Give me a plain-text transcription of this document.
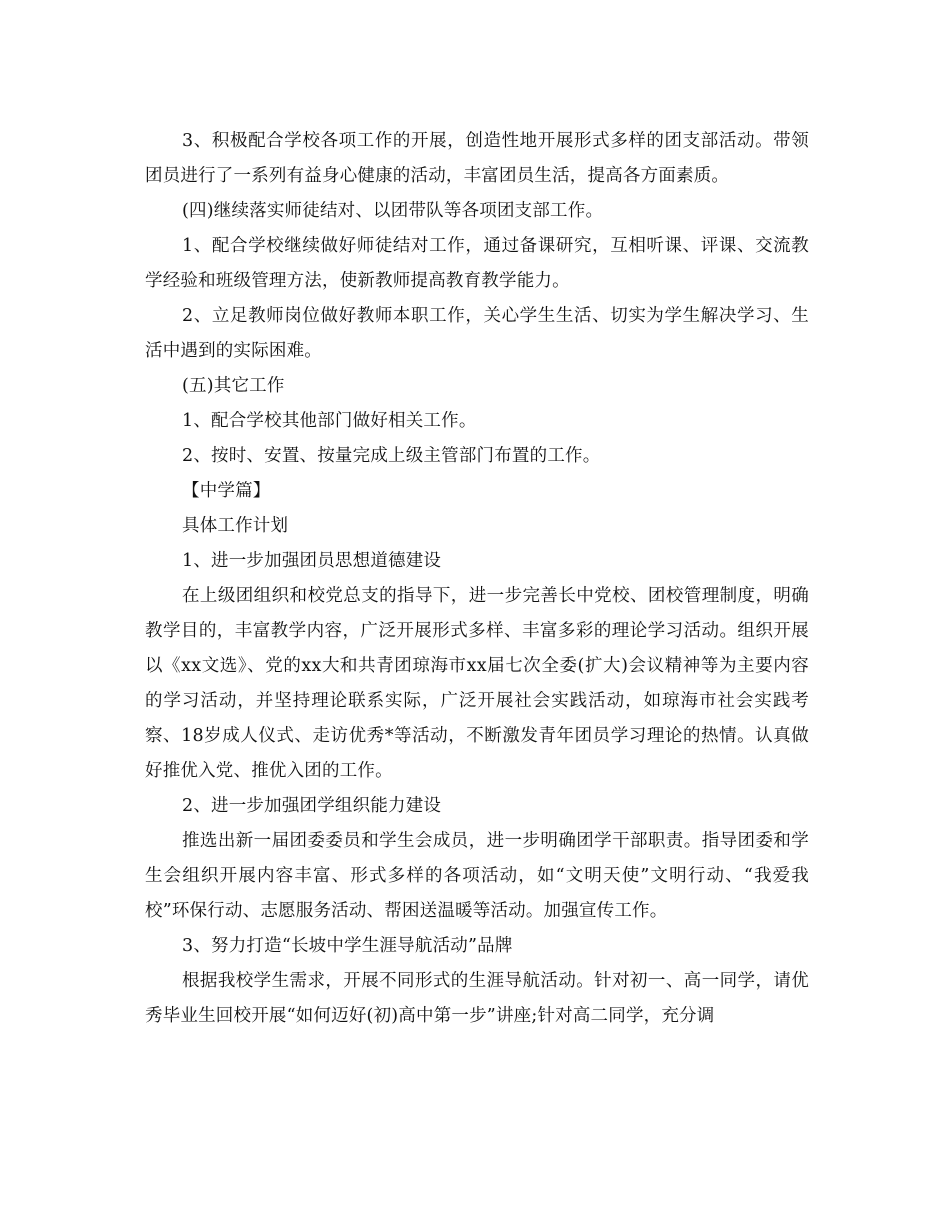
3、积极配合学校各项工作的开展，创造性地开展形式多样的团支部活动。带领团员进行了一系列有益身心健康的活动，丰富团员生活，提高各方面素质。

(四)继续落实师徒结对、以团带队等各项团支部工作。

1、配合学校继续做好师徒结对工作，通过备课研究，互相听课、评课、交流教学经验和班级管理方法，使新教师提高教育教学能力。

2、立足教师岗位做好教师本职工作，关心学生生活、切实为学生解决学习、生活中遇到的实际困难。

(五)其它工作

1、配合学校其他部门做好相关工作。

2、按时、安置、按量完成上级主管部门布置的工作。

【中学篇】

具体工作计划

1、进一步加强团员思想道德建设

在上级团组织和校党总支的指导下，进一步完善长中党校、团校管理制度，明确教学目的，丰富教学内容，广泛开展形式多样、丰富多彩的理论学习活动。组织开展以《xx文选》、党的xx大和共青团琼海市xx届七次全委(扩大)会议精神等为主要内容的学习活动，并坚持理论联系实际，广泛开展社会实践活动，如琼海市社会实践考察、18岁成人仪式、走访优秀*等活动，不断激发青年团员学习理论的热情。认真做好推优入党、推优入团的工作。

2、进一步加强团学组织能力建设

推选出新一届团委委员和学生会成员，进一步明确团学干部职责。指导团委和学生会组织开展内容丰富、形式多样的各项活动，如“文明天使”文明行动、“我爱我校”环保行动、志愿服务活动、帮困送温暖等活动。加强宣传工作。

3、努力打造“长坡中学生涯导航活动”品牌

根据我校学生需求，开展不同形式的生涯导航活动。针对初一、高一同学，请优秀毕业生回校开展“如何迈好(初)高中第一步”讲座;针对高二同学，充分调
